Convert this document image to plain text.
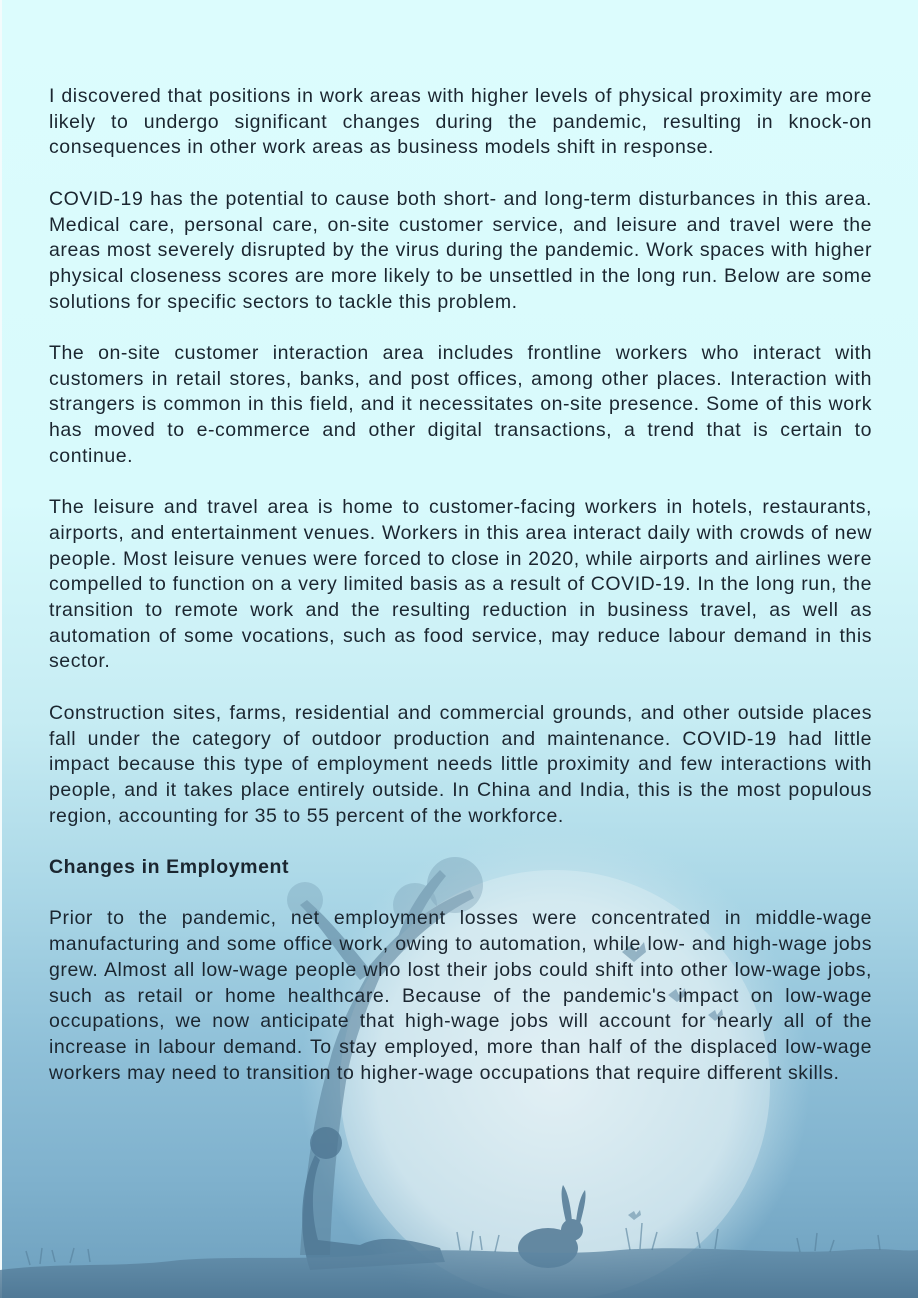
I discovered that positions in work areas with higher levels of physical proximity are more likely to undergo significant changes during the pandemic, resulting in knock-on consequences in other work areas as business models shift in response.

COVID-19 has the potential to cause both short- and long-term disturbances in this area. Medical care, personal care, on-site customer service, and leisure and travel were the areas most severely disrupted by the virus during the pandemic. Work spaces with higher physical closeness scores are more likely to be unsettled in the long run. Below are some solutions for specific sectors to tackle this problem.

The on-site customer interaction area includes frontline workers who interact with customers in retail stores, banks, and post offices, among other places. Interaction with strangers is common in this field, and it necessitates on-site presence. Some of this work has moved to e-commerce and other digital transactions, a trend that is certain to continue.

The leisure and travel area is home to customer-facing workers in hotels, restaurants, airports, and entertainment venues. Workers in this area interact daily with crowds of new people. Most leisure venues were forced to close in 2020, while airports and airlines were compelled to function on a very limited basis as a result of COVID-19. In the long run, the transition to remote work and the resulting reduction in business travel, as well as automation of some vocations, such as food service, may reduce labour demand in this sector.

Construction sites, farms, residential and commercial grounds, and other outside places fall under the category of outdoor production and maintenance. COVID-19 had little impact because this type of employment needs little proximity and few interactions with people, and it takes place entirely outside. In China and India, this is the most populous region, accounting for 35 to 55 percent of the workforce.

Changes in Employment

Prior to the pandemic, net employment losses were concentrated in middle-wage manufacturing and some office work, owing to automation, while low- and high-wage jobs grew. Almost all low-wage people who lost their jobs could shift into other low-wage jobs, such as retail or home healthcare. Because of the pandemic's impact on low-wage occupations, we now anticipate that high-wage jobs will account for nearly all of the increase in labour demand. To stay employed, more than half of the displaced low-wage workers may need to transition to higher-wage occupations that require different skills.
